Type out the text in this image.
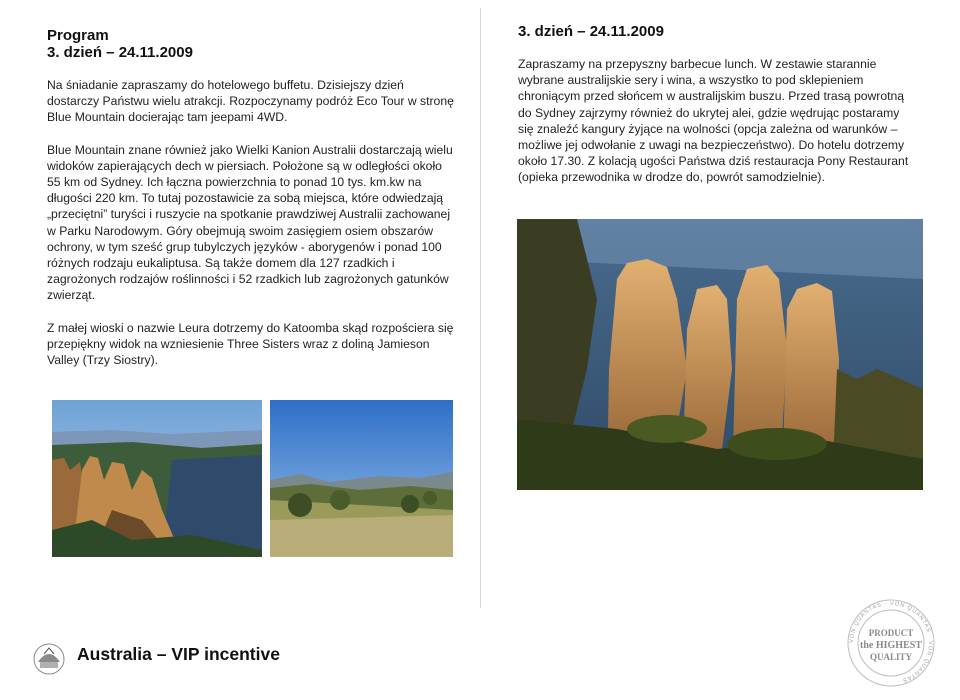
Program
3. dzień – 24.11.2009

Na śniadanie zapraszamy do hotelowego buffetu. Dzisiejszy dzień dostarczy Państwu wielu atrakcji. Rozpoczynamy podróż Eco Tour w stronę Blue Mountain docierając tam jeepami 4WD.

Blue Mountain znane również jako Wielki Kanion Australii dostarczają wielu widoków zapierających dech w piersiach. Położone są w odległości około 55 km od Sydney. Ich łączna powierzchnia to ponad 10 tys. km.kw na długości 220 km. To tutaj pozostawicie za sobą miejsca, które odwiedzają „przeciętni” turyści i ruszycie na spotkanie prawdziwej Australii zachowanej w Parku Narodowym. Góry obejmują swoim zasięgiem osiem obszarów ochrony, w tym sześć grup tubylczych języków - aborygenów i ponad 100 różnych rodzaju eukaliptusa. Są także domem dla 127 rzadkich i zagrożonych rodzajów roślinności i 52 rzadkich lub zagrożonych gatunków zwierząt.

Z małej wioski o nazwie Leura dotrzemy do Katoomba skąd rozpościera się przepiękny widok na wzniesienie Three Sisters wraz z doliną Jamieson Valley (Trzy Siostry).

3. dzień – 24.11.2009

Zapraszamy na przepyszny barbecue lunch. W zestawie starannie wybrane australijskie sery i wina, a wszystko to pod sklepieniem chroniącym przed słońcem w australijskim buszu. Przed trasą powrotną do Sydney zajrzymy również do ukrytej alei, gdzie wędrując postaramy się znaleźć kangury żyjące na wolności (opcja zależna od warunków – możliwe jej odwołanie z uwagi na bezpieczeństwo). Do hotelu dotrzemy około 17.30. Z kolacją ugości Państwa dziś restauracja Pony Restaurant (opieka przewodnika w drodze do, powrót samodzielnie).

Australia – VIP incentive
VON QUANTAS · VON QUANTAS · VON QUANTAS ·
PRODUCT
the HIGHEST
QUALITY
